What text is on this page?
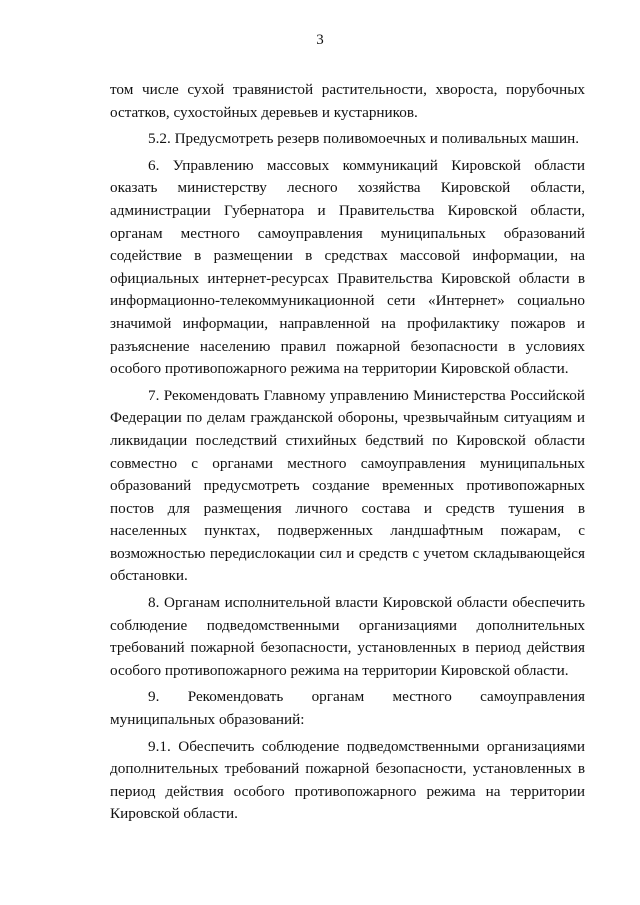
3

том числе сухой травянистой растительности, хвороста, порубочных остатков, сухостойных деревьев и кустарников.

5.2. Предусмотреть резерв поливомоечных и поливальных машин.

6. Управлению массовых коммуникаций Кировской области оказать министерству лесного хозяйства Кировской области, администрации Губернатора и Правительства Кировской области, органам местного самоуправления муниципальных образований содействие в размещении в средствах массовой информации, на официальных интернет-ресурсах Правительства Кировской области в информационно-телекоммуникационной сети «Интернет» социально значимой информации, направленной на профилактику пожаров и разъяснение населению правил пожарной безопасности в условиях особого противопожарного режима на территории Кировской области.

7. Рекомендовать Главному управлению Министерства Российской Федерации по делам гражданской обороны, чрезвычайным ситуациям и ликвидации последствий стихийных бедствий по Кировской области совместно с органами местного самоуправления муниципальных образований предусмотреть создание временных противопожарных постов для размещения личного состава и средств тушения в населенных пунктах, подверженных ландшафтным пожарам, с возможностью передислокации сил и средств с учетом складывающейся обстановки.

8. Органам исполнительной власти Кировской области обеспечить соблюдение подведомственными организациями дополнительных требований пожарной безопасности, установленных в период действия особого противопожарного режима на территории Кировской области.

9. Рекомендовать органам местного самоуправления муниципальных образований:

9.1. Обеспечить соблюдение подведомственными организациями дополнительных требований пожарной безопасности, установленных в период действия особого противопожарного режима на территории Кировской области.
